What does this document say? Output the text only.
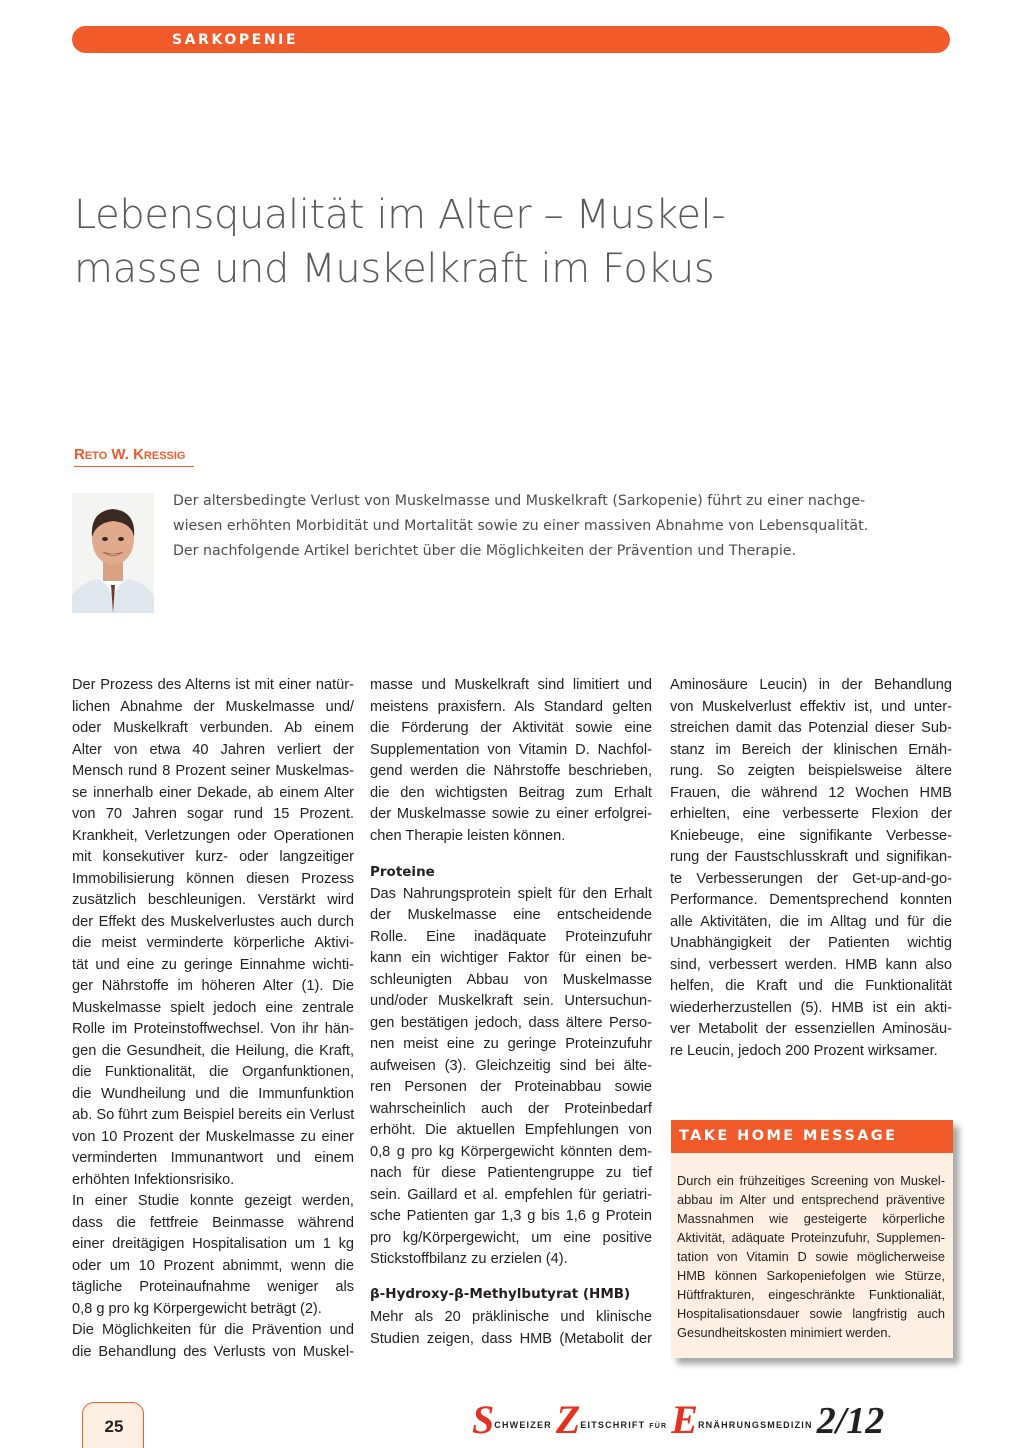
SARKOPENIE
Lebensqualität im Alter – Muskel-
masse und Muskelkraft im Fokus
Reto W. Kressig
Der altersbedingte Verlust von Muskelmasse und Muskelkraft (Sarkopenie) führt zu einer nachge-
wiesen erhöhten Morbidität und Mortalität sowie zu einer massiven Abnahme von Lebensqualität.
Der nachfolgende Artikel berichtet über die Möglichkeiten der Prävention und Therapie.
Der Prozess des Alterns ist mit einer natür-
lichen Abnahme der Muskelmasse und/
oder Muskelkraft verbunden. Ab einem
Alter von etwa 40 Jahren verliert der
Mensch rund 8 Prozent seiner Muskelmas-
se innerhalb einer Dekade, ab einem Alter
von 70 Jahren sogar rund 15 Prozent.
Krankheit, Verletzungen oder Operationen
mit konsekutiver kurz- oder langzeitiger
Immobilisierung können diesen Prozess
zusätzlich beschleunigen. Verstärkt wird
der Effekt des Muskelverlustes auch durch
die meist verminderte körperliche Aktivi-
tät und eine zu geringe Einnahme wichti-
ger Nährstoffe im höheren Alter (1). Die
Muskelmasse spielt jedoch eine zentrale
Rolle im Proteinstoffwechsel. Von ihr hän-
gen die Gesundheit, die Heilung, die Kraft,
die Funktionalität, die Organfunktionen,
die Wundheilung und die Immunfunktion
ab. So führt zum Beispiel bereits ein Verlust
von 10 Prozent der Muskelmasse zu einer
verminderten Immunantwort und einem
erhöhten Infektionsrisiko.
In einer Studie konnte gezeigt werden,
dass die fettfreie Beinmasse während
einer dreitägigen Hospitalisation um 1 kg
oder um 10 Prozent abnimmt, wenn die
tägliche Proteinaufnahme weniger als
0,8 g pro kg Körpergewicht beträgt (2).
Die Möglichkeiten für die Prävention und
die Behandlung des Verlusts von Muskel-
masse und Muskelkraft sind limitiert und
meistens praxisfern. Als Standard gelten
die Förderung der Aktivität sowie eine
Supplementation von Vitamin D. Nachfol-
gend werden die Nährstoffe beschrieben,
die den wichtigsten Beitrag zum Erhalt
der Muskelmasse sowie zu einer erfolgrei-
chen Therapie leisten können.
Proteine
Das Nahrungsprotein spielt für den Erhalt
der Muskelmasse eine entscheidende
Rolle. Eine inadäquate Proteinzufuhr
kann ein wichtiger Faktor für einen be-
schleunigten Abbau von Muskelmasse
und/oder Muskelkraft sein. Untersuchun-
gen bestätigen jedoch, dass ältere Perso-
nen meist eine zu geringe Proteinzufuhr
aufweisen (3). Gleichzeitig sind bei älte-
ren Personen der Proteinabbau sowie
wahrscheinlich auch der Proteinbedarf
erhöht. Die aktuellen Empfehlungen von
0,8 g pro kg Körpergewicht könnten dem-
nach für diese Patientengruppe zu tief
sein. Gaillard et al. empfehlen für geriatri-
sche Patienten gar 1,3 g bis 1,6 g Protein
pro kg/Körpergewicht, um eine positive
Stickstoffbilanz zu erzielen (4).
β-Hydroxy-β-Methylbutyrat (HMB)
Mehr als 20 präklinische und klinische
Studien zeigen, dass HMB (Metabolit der
Aminosäure Leucin) in der Behandlung
von Muskelverlust effektiv ist, und unter-
streichen damit das Potenzial dieser Sub-
stanz im Bereich der klinischen Ernäh-
rung. So zeigten beispielsweise ältere
Frauen, die während 12 Wochen HMB
erhielten, eine verbesserte Flexion der
Kniebeuge, eine signifikante Verbesse-
rung der Faustschlusskraft und signifikan-
te Verbesserungen der Get-up-and-go-
Performance. Dementsprechend konnten
alle Aktivitäten, die im Alltag und für die
Unabhängigkeit der Patienten wichtig
sind, verbessert werden. HMB kann also
helfen, die Kraft und die Funktionalität
wiederherzustellen (5). HMB ist ein akti-
ver Metabolit der essenziellen Aminosäu-
re Leucin, jedoch 200 Prozent wirksamer.
TAKE HOME MESSAGE
Durch ein frühzeitiges Screening von Muskel-
abbau im Alter und entsprechend präventive
Massnahmen wie gesteigerte körperliche
Aktivität, adäquate Proteinzufuhr, Supplemen-
tation von Vitamin D sowie möglicherweise
HMB können Sarkopeniefolgen wie Stürze,
Hüftfrakturen, eingeschränkte Funktionaliät,
Hospitalisationsdauer sowie langfristig auch
Gesundheitskosten minimiert werden.
25	$S^{CHWEIZER}$ $Z^{EITSCHRIFT}$ $^{FÜR}$ $E^{RNÄHRUNGSMEDIZIN}$ 2/12
